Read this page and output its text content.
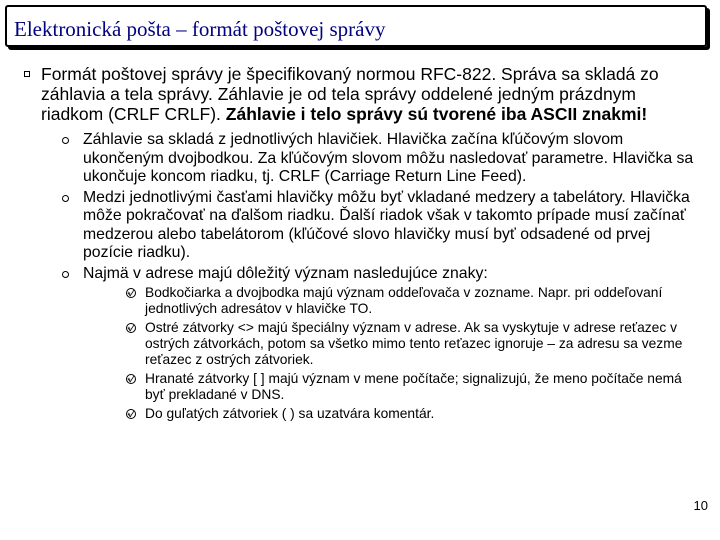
Elektronická pošta – formát poštovej správy
Formát poštovej správy je špecifikovaný normou RFC-822. Správa sa skladá zo záhlavia a tela správy. Záhlavie je od tela správy oddelené jedným prázdnym riadkom (CRLF CRLF). Záhlavie i telo správy sú tvorené iba ASCII znakmi!
Záhlavie sa skladá z jednotlivých hlavičiek. Hlavička začína kľúčovým slovom ukončeným dvojbodkou. Za kľúčovým slovom môžu nasledovať parametre. Hlavička sa ukončuje koncom riadku, tj. CRLF (Carriage Return Line Feed).
Medzi jednotlivými časťami hlavičky môžu byť vkladané medzery a tabelátory. Hlavička môže pokračovať na ďalšom riadku. Ďalší riadok však v takomto prípade musí začínať medzerou alebo tabelátorom (kľúčové slovo hlavičky musí byť odsadené od prvej pozície riadku).
Najmä v adrese majú dôležitý význam nasledujúce znaky:
Bodkočiarka a dvojbodka majú význam oddeľovača v zozname. Napr. pri oddeľovaní jednotlivých adresátov v hlavičke TO.
Ostré zátvorky <> majú špeciálny význam v adrese. Ak sa vyskytuje v adrese reťazec v ostrých zátvorkách, potom sa všetko mimo tento reťazec ignoruje – za adresu sa vezme reťazec z ostrých zátvoriek.
Hranaté zátvorky [ ] majú význam v mene počítače; signalizujú, že meno počítače nemá byť prekladané v DNS.
Do guľatých zátvoriek ( ) sa uzatvára komentár.
10
